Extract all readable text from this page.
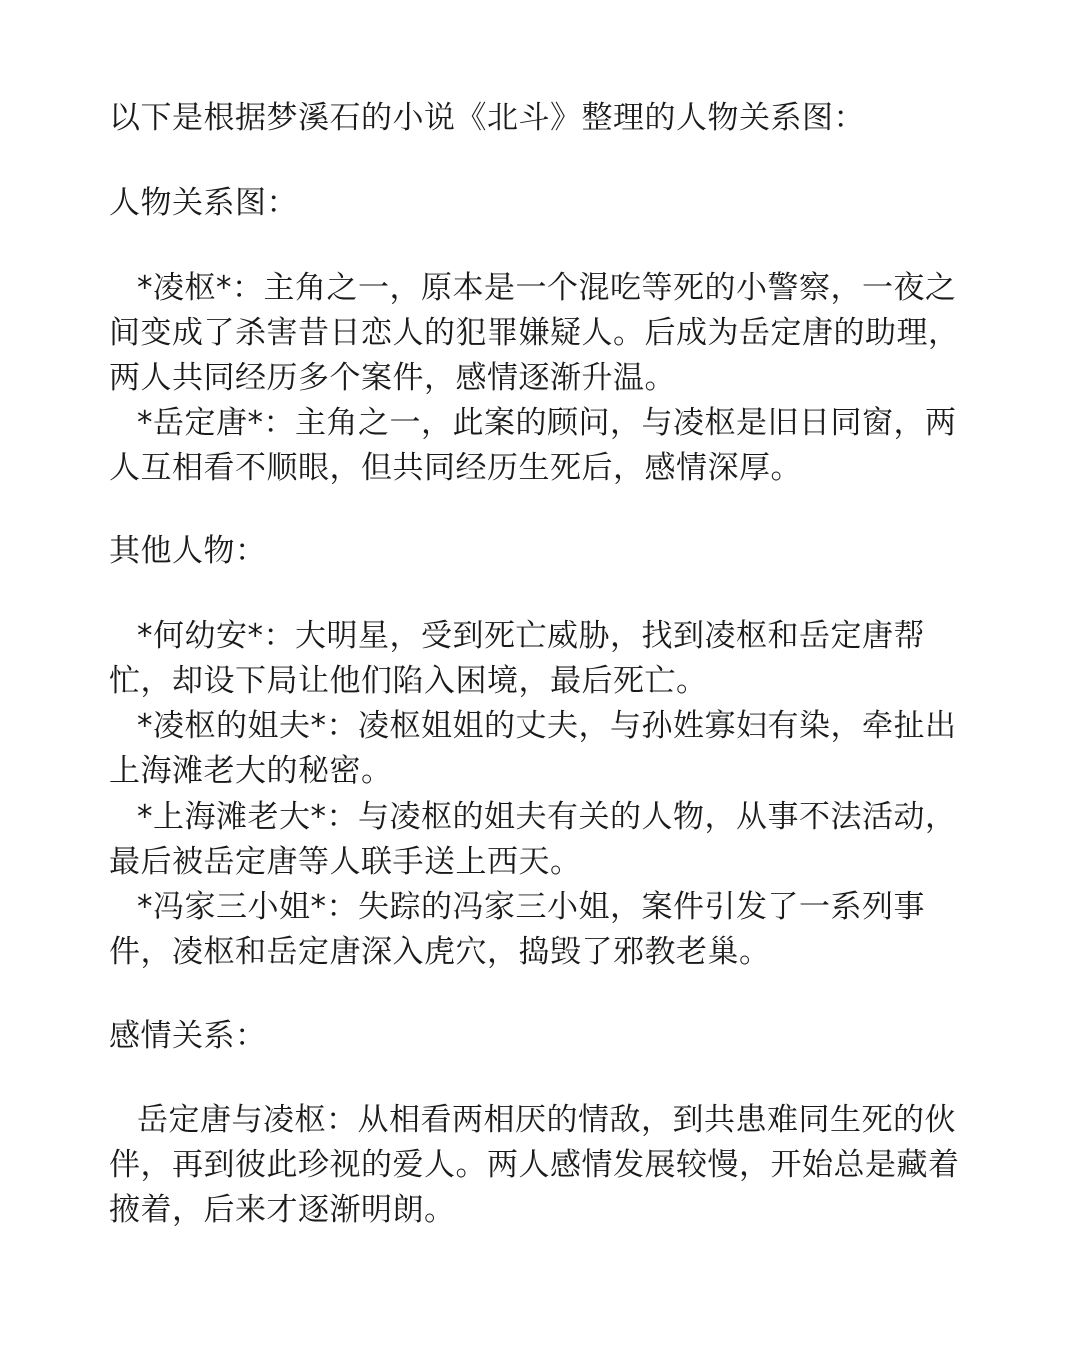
以下是根据梦溪石的小说《北斗》整理的人物关系图：
人物关系图：
*凌枢*：主角之一，原本是一个混吃等死的小警察，一夜之
间变成了杀害昔日恋人的犯罪嫌疑人。后成为岳定唐的助理，
两人共同经历多个案件，感情逐渐升温。
*岳定唐*：主角之一，此案的顾问，与凌枢是旧日同窗，两
人互相看不顺眼，但共同经历生死后，感情深厚。
其他人物：
*何幼安*：大明星，受到死亡威胁，找到凌枢和岳定唐帮
忙，却设下局让他们陷入困境，最后死亡。
*凌枢的姐夫*：凌枢姐姐的丈夫，与孙姓寡妇有染，牵扯出
上海滩老大的秘密。
*上海滩老大*：与凌枢的姐夫有关的人物，从事不法活动，
最后被岳定唐等人联手送上西天。
*冯家三小姐*：失踪的冯家三小姐，案件引发了一系列事
件，凌枢和岳定唐深入虎穴，捣毁了邪教老巢。
感情关系：
岳定唐与凌枢：从相看两相厌的情敌，到共患难同生死的伙
伴，再到彼此珍视的爱人。两人感情发展较慢，开始总是藏着
掖着，后来才逐渐明朗。
